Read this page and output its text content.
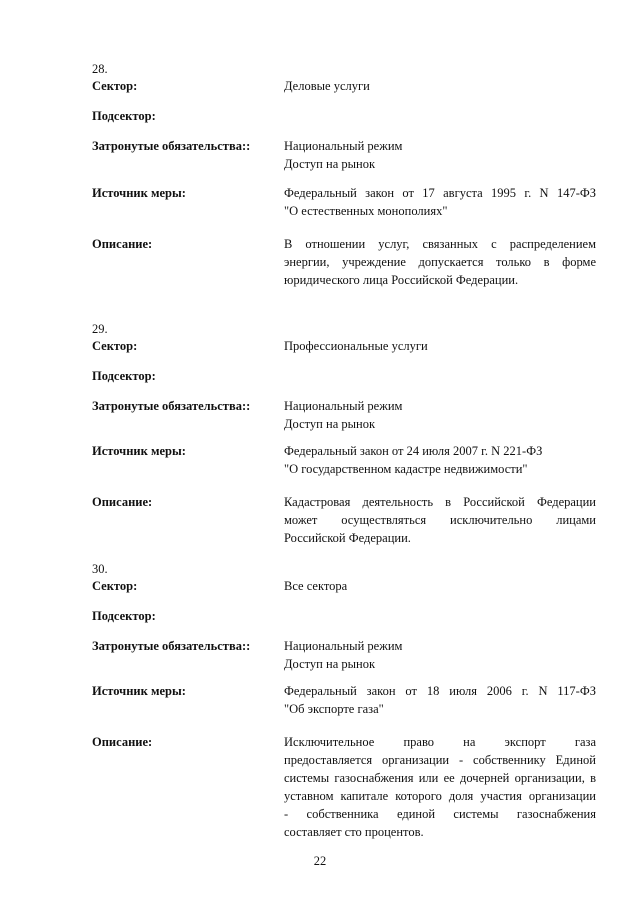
28.
Сектор:	Деловые услуги
Подсектор:
Затронутые обязательства::	Национальный режим
Доступ на рынок
Источник меры:	Федеральный закон от 17 августа 1995 г. N 147-ФЗ
"О естественных монополиях"
Описание:	В отношении услуг, связанных с распределением
энергии, учреждение допускается только в форме
юридического лица Российской Федерации.
29.
Сектор:	Профессиональные услуги
Подсектор:
Затронутые обязательства::	Национальный режим
Доступ на рынок
Источник меры:	Федеральный закон от 24 июля 2007 г. N 221-ФЗ
"О государственном кадастре недвижимости"
Описание:	Кадастровая деятельность в Российской Федерации
может осуществляться исключительно лицами
Российской Федерации.
30.
Сектор:	Все сектора
Подсектор:
Затронутые обязательства::	Национальный режим
Доступ на рынок
Источник меры:	Федеральный закон от 18 июля 2006 г. N 117-ФЗ
"Об экспорте газа"
Описание:	Исключительное право на экспорт газа
предоставляется организации - собственнику Единой
системы газоснабжения или ее дочерней организации, в
уставном капитале которого доля участия организации
- собственника единой системы газоснабжения
составляет сто процентов.
22
